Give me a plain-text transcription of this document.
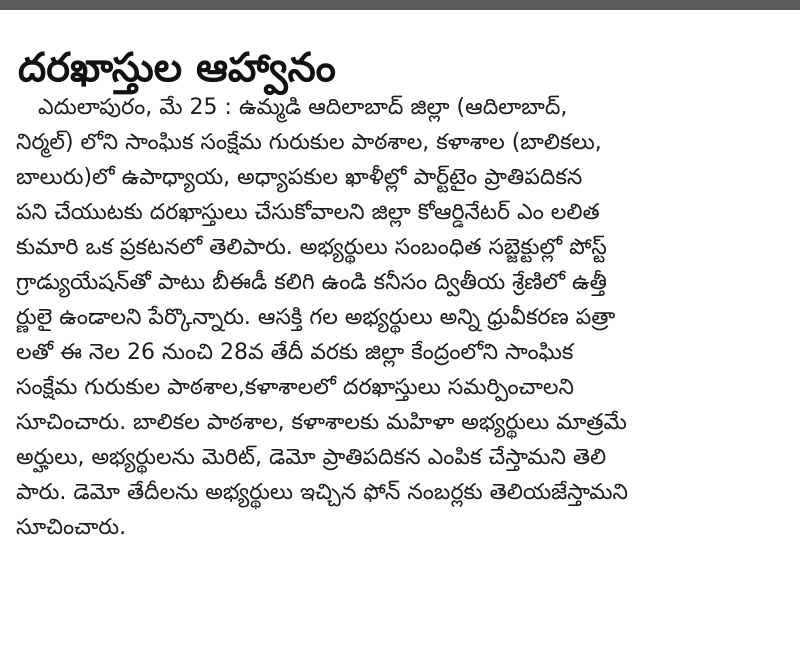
దరఖాస్తుల ఆహ్వానం
ఎదులాపురం, మే 25 : ఉమ్మడి ఆదిలాబాద్ జిల్లా (ఆదిలాబాద్,
నిర్మల్) లోని సాంఘిక సంక్షేమ గురుకుల పాఠశాల, కళాశాల (బాలికలు,
బాలురు)లో ఉపాధ్యాయ, అధ్యాపకుల ఖాళీల్లో పార్ట్‌టైం ప్రాతిపదికన
పని చేయుటకు దరఖాస్తులు చేసుకోవాలని జిల్లా కోఆర్డినేటర్ ఎం లలిత
కుమారి ఒక ప్రకటనలో తెలిపారు. అభ్యర్థులు సంబంధిత సబ్జెక్టుల్లో పోస్ట్
గ్రాడ్యుయేషన్‌తో పాటు బీఈడీ కలిగి ఉండి కనీసం ద్వితీయ శ్రేణిలో ఉత్తీ
ర్ణులై ఉండాలని పేర్కొన్నారు. ఆసక్తి గల అభ్యర్థులు అన్ని ధ్రువీకరణ పత్రా
లతో ఈ నెల 26 నుంచి 28వ తేదీ వరకు జిల్లా కేంద్రంలోని సాంఘిక
సంక్షేమ గురుకుల పాఠశాల,కళాశాలలో దరఖాస్తులు సమర్పించాలని
సూచించారు. బాలికల పాఠశాల, కళాశాలకు మహిళా అభ్యర్థులు మాత్రమే
అర్హులు, అభ్యర్థులను మెరిట్, డెమో ప్రాతిపదికన ఎంపిక చేస్తామని తెలి
పారు. డెమో తేదీలను అభ్యర్థులు ఇచ్చిన ఫోన్ నంబర్లకు తెలియజేస్తామని
సూచించారు.
